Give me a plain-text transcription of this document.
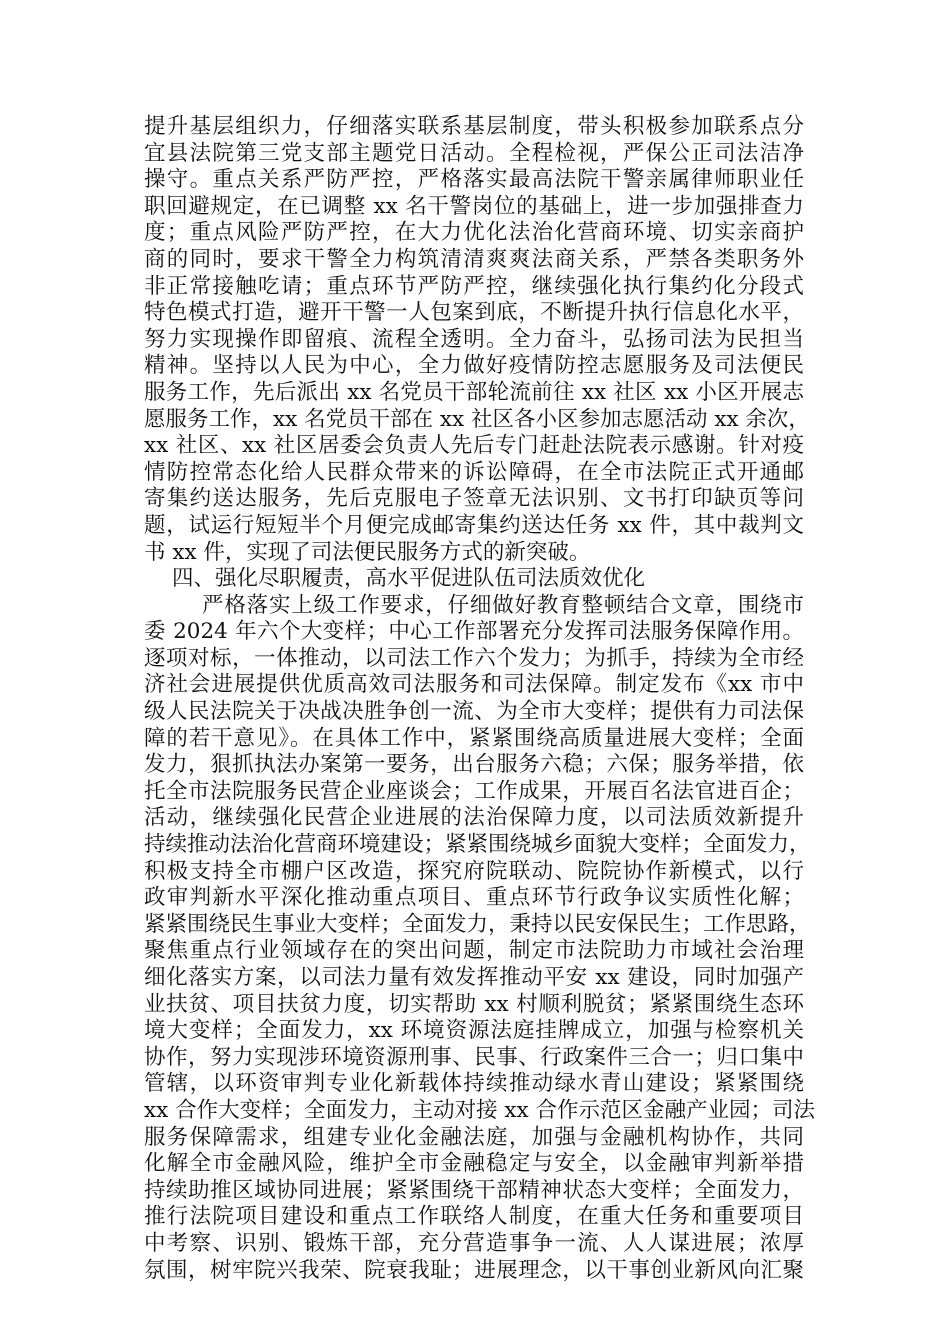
提升基层组织力，仔细落实联系基层制度，带头积极参加联系点分
宜县法院第三党支部主题党日活动。全程检视，严保公正司法洁净
操守。重点关系严防严控，严格落实最高法院干警亲属律师职业任
职回避规定，在已调整 xx 名干警岗位的基础上，进一步加强排查力
度；重点风险严防严控，在大力优化法治化营商环境、切实亲商护
商的同时，要求干警全力构筑清清爽爽法商关系，严禁各类职务外
非正常接触吃请；重点环节严防严控，继续强化执行集约化分段式
特色模式打造，避开干警一人包案到底，不断提升执行信息化水平，
努力实现操作即留痕、流程全透明。全力奋斗，弘扬司法为民担当
精神。坚持以人民为中心，全力做好疫情防控志愿服务及司法便民
服务工作，先后派出 xx 名党员干部轮流前往 xx 社区 xx 小区开展志
愿服务工作，xx 名党员干部在 xx 社区各小区参加志愿活动 xx 余次，
xx 社区、xx 社区居委会负责人先后专门赶赴法院表示感谢。针对疫
情防控常态化给人民群众带来的诉讼障碍，在全市法院正式开通邮
寄集约送达服务，先后克服电子签章无法识别、文书打印缺页等问
题，试运行短短半个月便完成邮寄集约送达任务 xx 件，其中裁判文
书 xx 件，实现了司法便民服务方式的新突破。
四、强化尽职履责，高水平促进队伍司法质效优化
严格落实上级工作要求，仔细做好教育整顿结合文章，围绕市
委 2024 年六个大变样；中心工作部署充分发挥司法服务保障作用。
逐项对标，一体推动，以司法工作六个发力；为抓手，持续为全市经
济社会进展提供优质高效司法服务和司法保障。制定发布《xx 市中
级人民法院关于决战决胜争创一流、为全市大变样；提供有力司法保
障的若干意见》。在具体工作中，紧紧围绕高质量进展大变样；全面
发力，狠抓执法办案第一要务，出台服务六稳；六保；服务举措，依
托全市法院服务民营企业座谈会；工作成果，开展百名法官进百企；
活动，继续强化民营企业进展的法治保障力度，以司法质效新提升
持续推动法治化营商环境建设；紧紧围绕城乡面貌大变样；全面发力，
积极支持全市棚户区改造，探究府院联动、院院协作新模式，以行
政审判新水平深化推动重点项目、重点环节行政争议实质性化解；
紧紧围绕民生事业大变样；全面发力，秉持以民安保民生；工作思路，
聚焦重点行业领域存在的突出问题，制定市法院助力市域社会治理
细化落实方案，以司法力量有效发挥推动平安 xx 建设，同时加强产
业扶贫、项目扶贫力度，切实帮助 xx 村顺利脱贫；紧紧围绕生态环
境大变样；全面发力，xx 环境资源法庭挂牌成立，加强与检察机关
协作，努力实现涉环境资源刑事、民事、行政案件三合一；归口集中
管辖，以环资审判专业化新载体持续推动绿水青山建设；紧紧围绕
xx 合作大变样；全面发力，主动对接 xx 合作示范区金融产业园；司法
服务保障需求，组建专业化金融法庭，加强与金融机构协作，共同
化解全市金融风险，维护全市金融稳定与安全，以金融审判新举措
持续助推区域协同进展；紧紧围绕干部精神状态大变样；全面发力，
推行法院项目建设和重点工作联络人制度，在重大任务和重要项目
中考察、识别、锻炼干部，充分营造事争一流、人人谋进展；浓厚
氛围，树牢院兴我荣、院衰我耻；进展理念，以干事创业新风向汇聚
